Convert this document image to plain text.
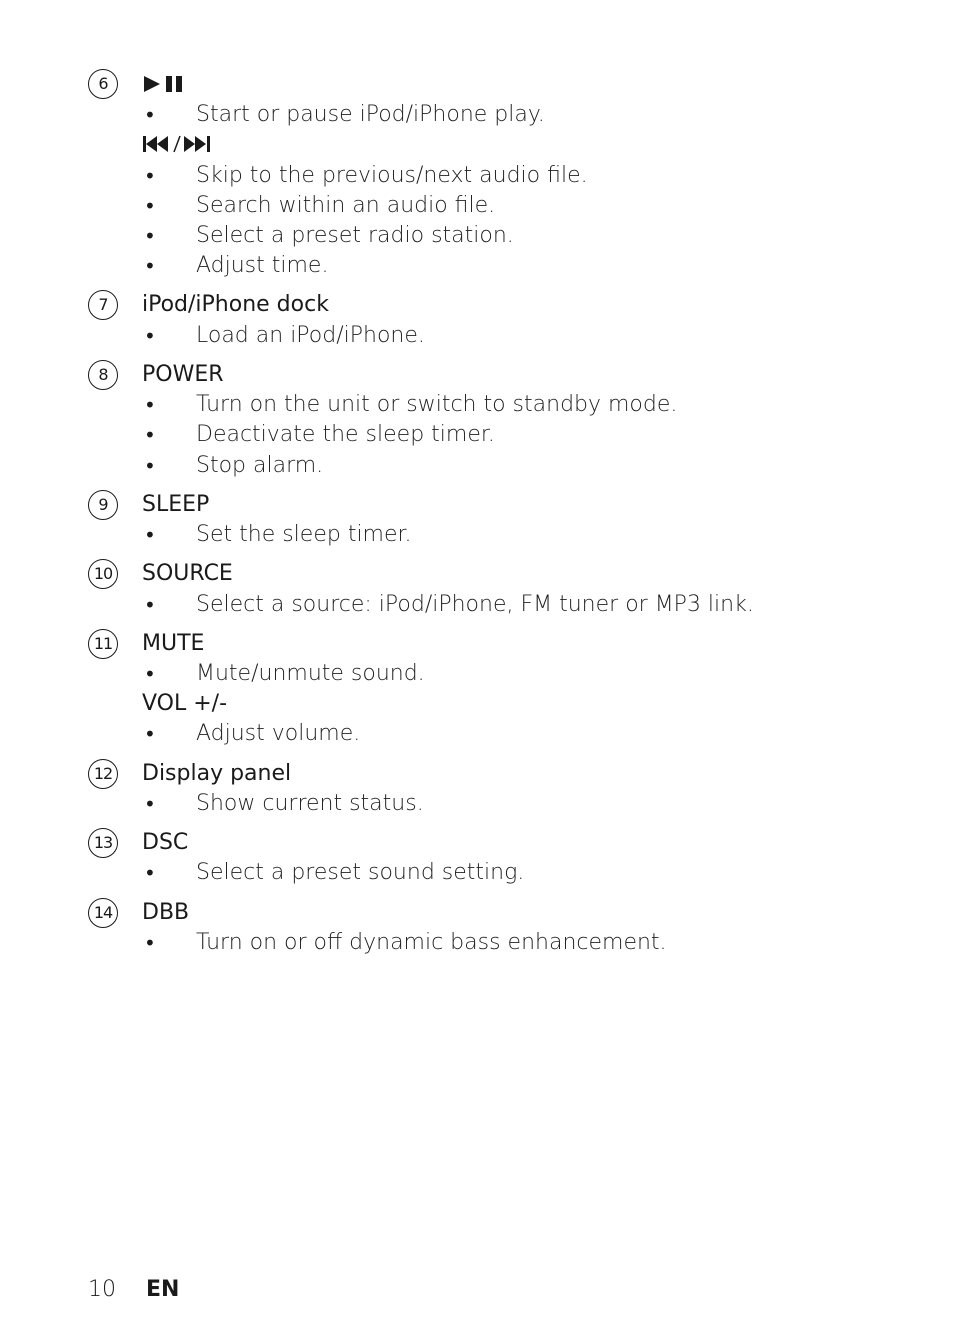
6
• Start or pause iPod/iPhone play.
• Skip to the previous/next audio file.
• Search within an audio file.
• Select a preset radio station.
• Adjust time.
7	iPod/iPhone dock
• Load an iPod/iPhone.
8	POWER
• Turn on the unit or switch to standby mode.
• Deactivate the sleep timer.
• Stop alarm.
9	SLEEP
• Set the sleep timer.
10 SOURCE
• Select a source: iPod/iPhone, FM tuner or MP3 link.
11 MUTE
• Mute/unmute sound.
VOL +/-
• Adjust volume.
12 Display panel
• Show current status.
13 DSC
• Select a preset sound setting.
14 DBB
• Turn on or off dynamic bass enhancement.
10 EN
